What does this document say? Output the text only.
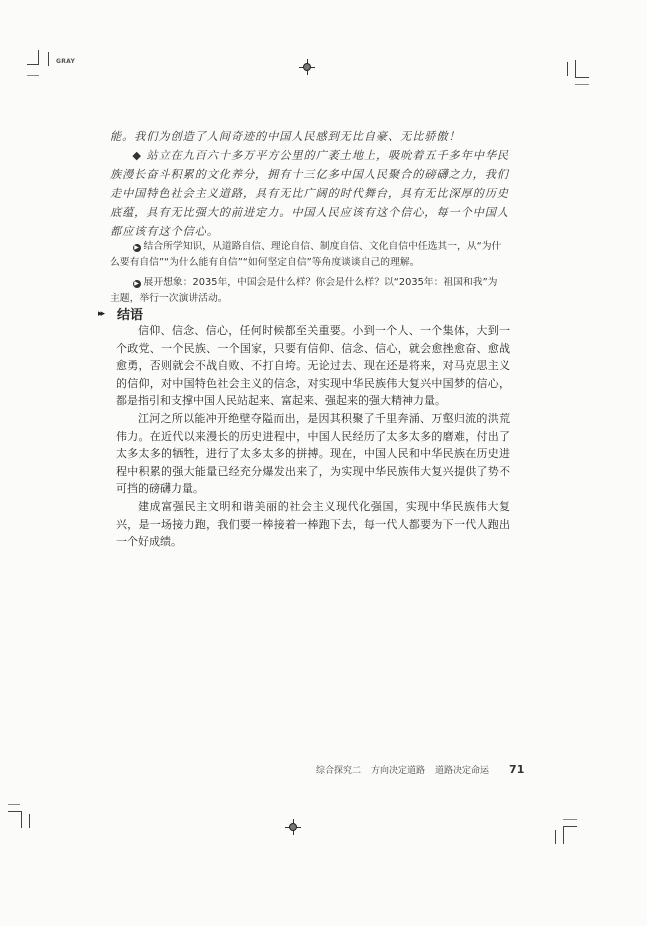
GRAY

能。我们为创造了人间奇迹的中国人民感到无比自豪、无比骄傲！

◆ 站立在九百六十多万平方公里的广袤土地上，吸吮着五千多年中华民族漫长奋斗积累的文化养分，拥有十三亿多中国人民聚合的磅礴之力，我们走中国特色社会主义道路，具有无比广阔的时代舞台，具有无比深厚的历史底蕴，具有无比强大的前进定力。中国人民应该有这个信心，每一个中国人都应该有这个信心。

▶ 结合所学知识，从道路自信、理论自信、制度自信、文化自信中任选其一，从“为什么要有自信”“为什么能有自信”“如何坚定自信”等角度谈谈自己的理解。

▶ 展开想象：2035年，中国会是什么样？你会是什么样？以“2035年：祖国和我”为主题，举行一次演讲活动。

▸▸ 结语

信仰、信念、信心，任何时候都至关重要。小到一个人、一个集体，大到一个政党、一个民族、一个国家，只要有信仰、信念、信心，就会愈挫愈奋、愈战愈勇，否则就会不战自败、不打自垮。无论过去、现在还是将来，对马克思主义的信仰，对中国特色社会主义的信念，对实现中华民族伟大复兴中国梦的信心，都是指引和支撑中国人民站起来、富起来、强起来的强大精神力量。

江河之所以能冲开绝壁夺隘而出，是因其积聚了千里奔涌、万壑归流的洪荒伟力。在近代以来漫长的历史进程中，中国人民经历了太多太多的磨难，付出了太多太多的牺牲，进行了太多太多的拼搏。现在，中国人民和中华民族在历史进程中积累的强大能量已经充分爆发出来了，为实现中华民族伟大复兴提供了势不可挡的磅礴力量。

建成富强民主文明和谐美丽的社会主义现代化强国，实现中华民族伟大复兴，是一场接力跑，我们要一棒接着一棒跑下去，每一代人都要为下一代人跑出一个好成绩。

综合探究二 方向决定道路 道路决定命运 71
